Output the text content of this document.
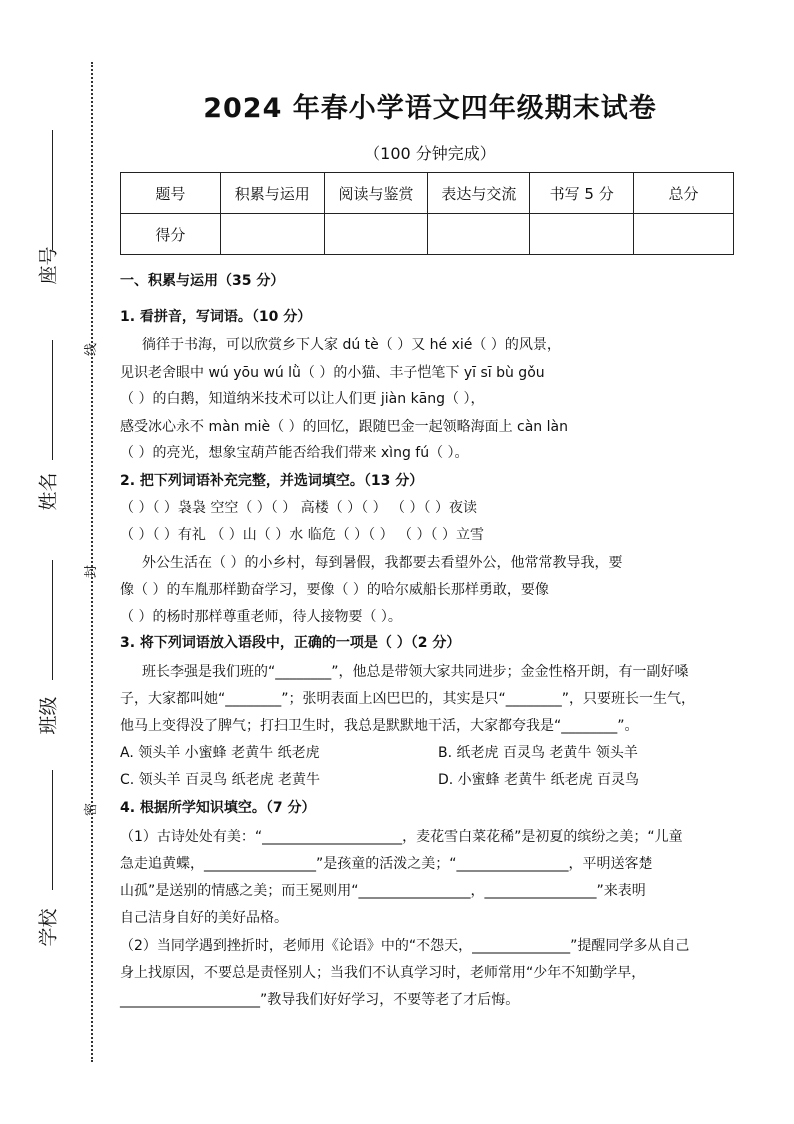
座号
姓名
班级
学校
线
封
密
2024 年春小学语文四年级期末试卷
（100 分钟完成）
题号	积累与运用	阅读与鉴赏	表达与交流	书写 5 分	总分
得分					
一、积累与运用（35 分）
1. 看拼音，写词语。（10 分）
徜徉于书海，可以欣赏乡下人家 dú tè（ ）又 hé xié（ ）的风景，
见识老舍眼中 wú yōu wú lǜ（ ）的小猫、丰子恺笔下 yī sī bù gǒu
（ ）的白鹅，知道纳米技术可以让人们更 jiàn kāng（ ），
感受冰心永不 màn miè（ ）的回忆，跟随巴金一起领略海面上 càn làn
（ ）的亮光，想象宝葫芦能否给我们带来 xìng fú（ ）。
2. 把下列词语补充完整，并选词填空。（13 分）
（ ）（ ）袅袅 空空（ ）（ ） 高楼（ ）（ ） （ ）（ ）夜读
（ ）（ ）有礼 （ ）山（ ）水 临危（ ）（ ） （ ）（ ）立雪
外公生活在（ ）的小乡村，每到暑假，我都要去看望外公，他常常教导我，要
像（ ）的车胤那样勤奋学习，要像（ ）的哈尔威船长那样勇敢，要像
（ ）的杨时那样尊重老师，待人接物要（ ）。
3. 将下列词语放入语段中，正确的一项是（ ）（2 分）
班长李强是我们班的“________”，他总是带领大家共同进步；金金性格开朗，有一副好嗓
子，大家都叫她“________”；张明表面上凶巴巴的，其实是只“________”，只要班长一生气，
他马上变得没了脾气；打扫卫生时，我总是默默地干活，大家都夸我是“________”。
A. 领头羊 小蜜蜂 老黄牛 纸老虎	B. 纸老虎 百灵鸟 老黄牛 领头羊
C. 领头羊 百灵鸟 纸老虎 老黄牛	D. 小蜜蜂 老黄牛 纸老虎 百灵鸟
4. 根据所学知识填空。（7 分）
（1）古诗处处有美：“____________________，麦花雪白菜花稀”是初夏的缤纷之美；“儿童
急走追黄蝶，________________”是孩童的活泼之美；“________________，平明送客楚
山孤”是送别的情感之美；而王冕则用“________________，________________”来表明
自己洁身自好的美好品格。
（2）当同学遇到挫折时，老师用《论语》中的“不怨天，______________”提醒同学多从自己
身上找原因，不要总是责怪别人；当我们不认真学习时，老师常用“少年不知勤学早，
____________________”教导我们好好学习，不要等老了才后悔。
